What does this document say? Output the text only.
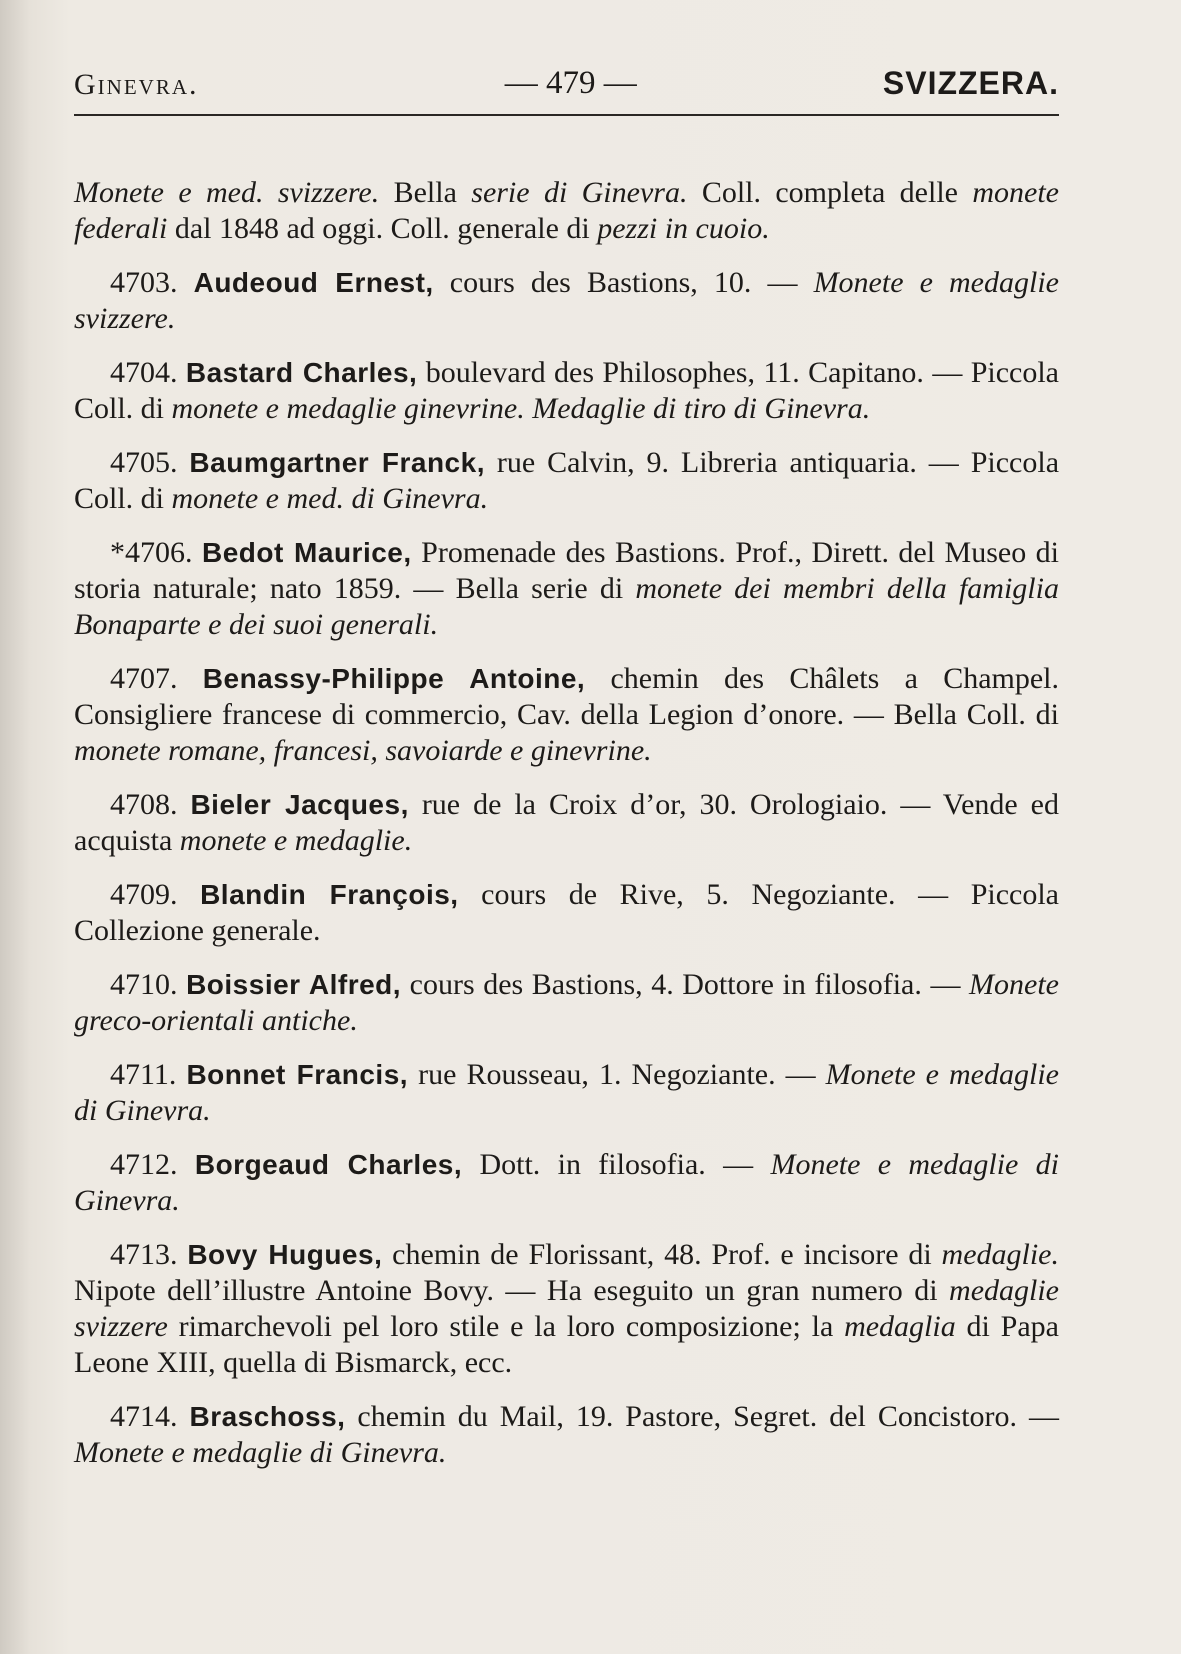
Ginevra.	— 479 —	SVIZZERA.

Monete e med. svizzere. Bella serie di Ginevra. Coll. completa delle monete federali dal 1848 ad oggi. Coll. generale di pezzi in cuoio.

4703. Audeoud Ernest, cours des Bastions, 10. — Monete e medaglie svizzere.

4704. Bastard Charles, boulevard des Philosophes, 11. Capitano. — Piccola Coll. di monete e medaglie ginevrine. Medaglie di tiro di Ginevra.

4705. Baumgartner Franck, rue Calvin, 9. Libreria antiquaria. — Piccola Coll. di monete e med. di Ginevra.

*4706. Bedot Maurice, Promenade des Bastions. Prof., Dirett. del Museo di storia naturale; nato 1859. — Bella serie di monete dei membri della famiglia Bonaparte e dei suoi generali.

4707. Benassy-Philippe Antoine, chemin des Châlets a Champel. Consigliere francese di commercio, Cav. della Legion d’onore. — Bella Coll. di monete romane, francesi, savoiarde e ginevrine.

4708. Bieler Jacques, rue de la Croix d’or, 30. Orologiaio. — Vende ed acquista monete e medaglie.

4709. Blandin François, cours de Rive, 5. Negoziante. — Piccola Collezione generale.

4710. Boissier Alfred, cours des Bastions, 4. Dottore in filosofia. — Monete greco-orientali antiche.

4711. Bonnet Francis, rue Rousseau, 1. Negoziante. — Monete e medaglie di Ginevra.

4712. Borgeaud Charles, Dott. in filosofia. — Monete e medaglie di Ginevra.

4713. Bovy Hugues, chemin de Florissant, 48. Prof. e incisore di medaglie. Nipote dell’illustre Antoine Bovy. — Ha eseguito un gran numero di medaglie svizzere rimarchevoli pel loro stile e la loro composizione; la medaglia di Papa Leone XIII, quella di Bismarck, ecc.

4714. Braschoss, chemin du Mail, 19. Pastore, Segret. del Concistoro. — Monete e medaglie di Ginevra.
